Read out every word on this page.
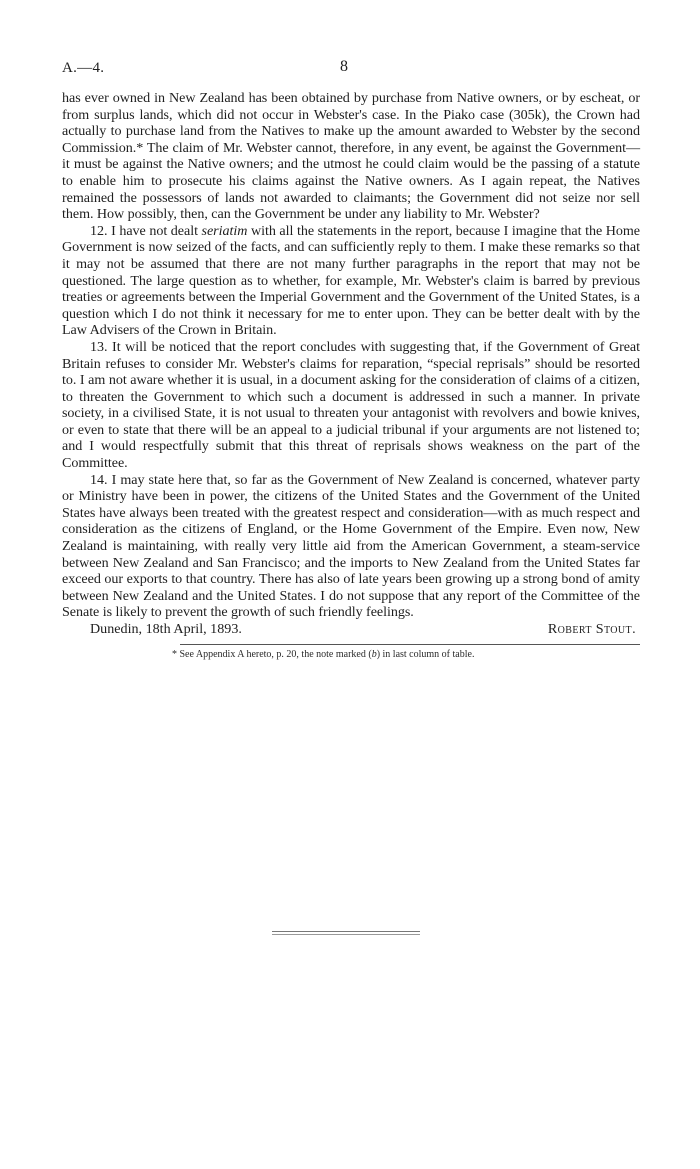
A.—4.	8

has ever owned in New Zealand has been obtained by purchase from Native owners, or by escheat, or from surplus lands, which did not occur in Webster's case. In the Piako case (305k), the Crown had actually to purchase land from the Natives to make up the amount awarded to Webster by the second Commission.* The claim of Mr. Webster cannot, therefore, in any event, be against the Government—it must be against the Native owners; and the utmost he could claim would be the passing of a statute to enable him to prosecute his claims against the Native owners. As I again repeat, the Natives remained the possessors of lands not awarded to claimants; the Government did not seize nor sell them. How possibly, then, can the Government be under any liability to Mr. Webster?

12. I have not dealt seriatim with all the statements in the report, because I imagine that the Home Government is now seized of the facts, and can sufficiently reply to them. I make these remarks so that it may not be assumed that there are not many further paragraphs in the report that may not be questioned. The large question as to whether, for example, Mr. Webster's claim is barred by previous treaties or agreements between the Imperial Government and the Government of the United States, is a question which I do not think it necessary for me to enter upon. They can be better dealt with by the Law Advisers of the Crown in Britain.

13. It will be noticed that the report concludes with suggesting that, if the Government of Great Britain refuses to consider Mr. Webster's claims for reparation, “special reprisals” should be resorted to. I am not aware whether it is usual, in a document asking for the consideration of claims of a citizen, to threaten the Government to which such a document is addressed in such a manner. In private society, in a civilised State, it is not usual to threaten your antagonist with revolvers and bowie knives, or even to state that there will be an appeal to a judicial tribunal if your arguments are not listened to; and I would respectfully submit that this threat of reprisals shows weakness on the part of the Committee.

14. I may state here that, so far as the Government of New Zealand is concerned, whatever party or Ministry have been in power, the citizens of the United States and the Government of the United States have always been treated with the greatest respect and consideration—with as much respect and consideration as the citizens of England, or the Home Government of the Empire. Even now, New Zealand is maintaining, with really very little aid from the American Government, a steam-service between New Zealand and San Francisco; and the imports to New Zealand from the United States far exceed our exports to that country. There has also of late years been growing up a strong bond of amity between New Zealand and the United States. I do not suppose that any report of the Committee of the Senate is likely to prevent the growth of such friendly feelings.

Dunedin, 18th April, 1893.	Robert Stout.
* See Appendix A hereto, p. 20, the note marked (b) in last column of table.
